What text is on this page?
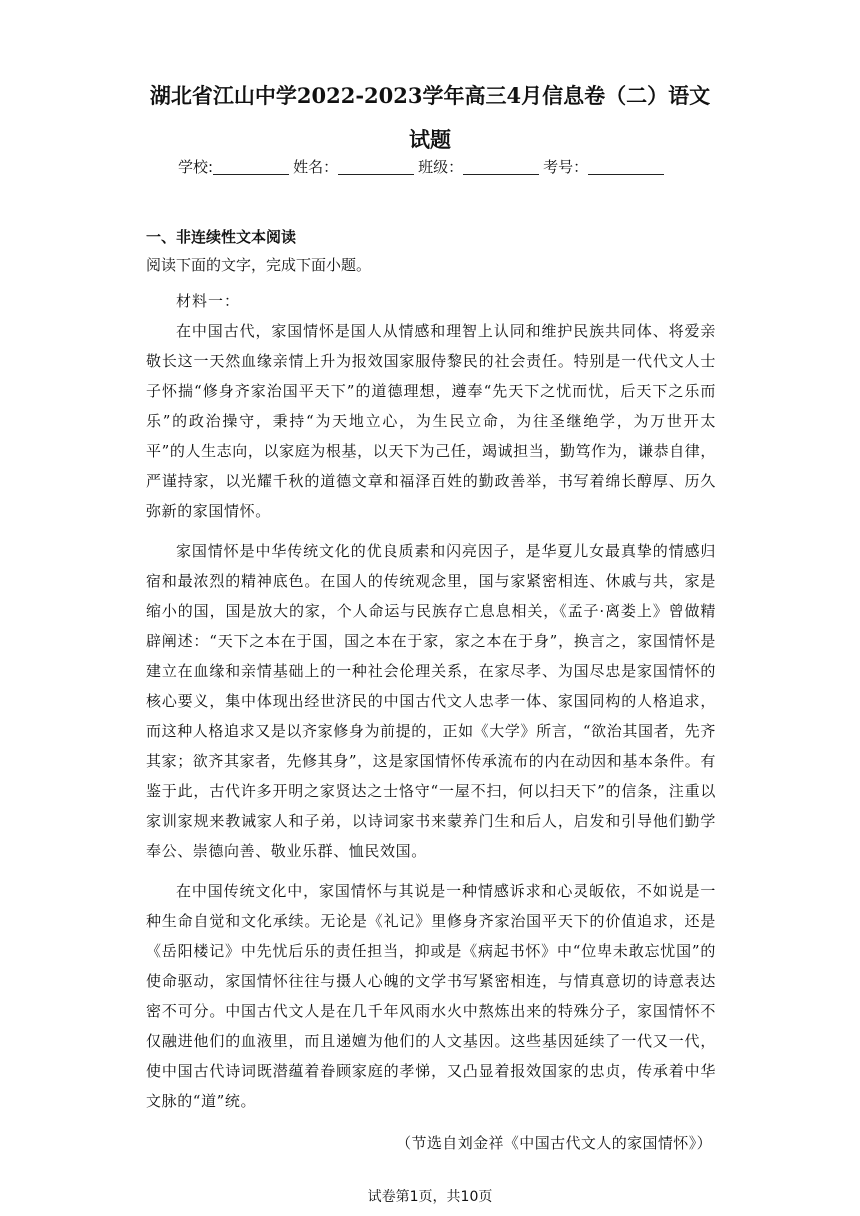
湖北省江山中学2022-2023学年高三4月信息卷（二）语文
试题
学校:	姓名：	班级：	考号：
一、非连续性文本阅读
阅读下面的文字，完成下面小题。
材料一：

在中国古代，家国情怀是国人从情感和理智上认同和维护民族共同体、将爱亲敬长这一天然血缘亲情上升为报效国家服侍黎民的社会责任。特别是一代代文人士子怀揣“修身齐家治国平天下”的道德理想，遵奉“先天下之忧而忧，后天下之乐而乐”的政治操守，秉持“为天地立心，为生民立命，为往圣继绝学，为万世开太平”的人生志向，以家庭为根基，以天下为己任，竭诚担当，勤笃作为，谦恭自律，严谨持家，以光耀千秋的道德文章和福泽百姓的勤政善举，书写着绵长醇厚、历久弥新的家国情怀。

家国情怀是中华传统文化的优良质素和闪亮因子，是华夏儿女最真挚的情感归宿和最浓烈的精神底色。在国人的传统观念里，国与家紧密相连、休戚与共，家是缩小的国，国是放大的家，个人命运与民族存亡息息相关，《孟子·离娄上》曾做精辟阐述：“天下之本在于国，国之本在于家，家之本在于身”，换言之，家国情怀是建立在血缘和亲情基础上的一种社会伦理关系，在家尽孝、为国尽忠是家国情怀的核心要义，集中体现出经世济民的中国古代文人忠孝一体、家国同构的人格追求，而这种人格追求又是以齐家修身为前提的，正如《大学》所言，“欲治其国者，先齐其家；欲齐其家者，先修其身”，这是家国情怀传承流布的内在动因和基本条件。有鉴于此，古代许多开明之家贤达之士恪守“一屋不扫，何以扫天下”的信条，注重以家训家规来教诫家人和子弟，以诗词家书来蒙养门生和后人，启发和引导他们勤学奉公、崇德向善、敬业乐群、恤民效国。

在中国传统文化中，家国情怀与其说是一种情感诉求和心灵皈依，不如说是一种生命自觉和文化承续。无论是《礼记》里修身齐家治国平天下的价值追求，还是《岳阳楼记》中先忧后乐的责任担当，抑或是《病起书怀》中“位卑未敢忘忧国”的使命驱动，家国情怀往往与摄人心魄的文学书写紧密相连，与情真意切的诗意表达密不可分。中国古代文人是在几千年风雨水火中熬炼出来的特殊分子，家国情怀不仅融进他们的血液里，而且递嬗为他们的人文基因。这些基因延续了一代又一代，使中国古代诗词既潜蕴着眷顾家庭的孝悌，又凸显着报效国家的忠贞，传承着中华文脉的“道”统。

（节选自刘金祥《中国古代文人的家国情怀》）
试卷第1页，共10页
